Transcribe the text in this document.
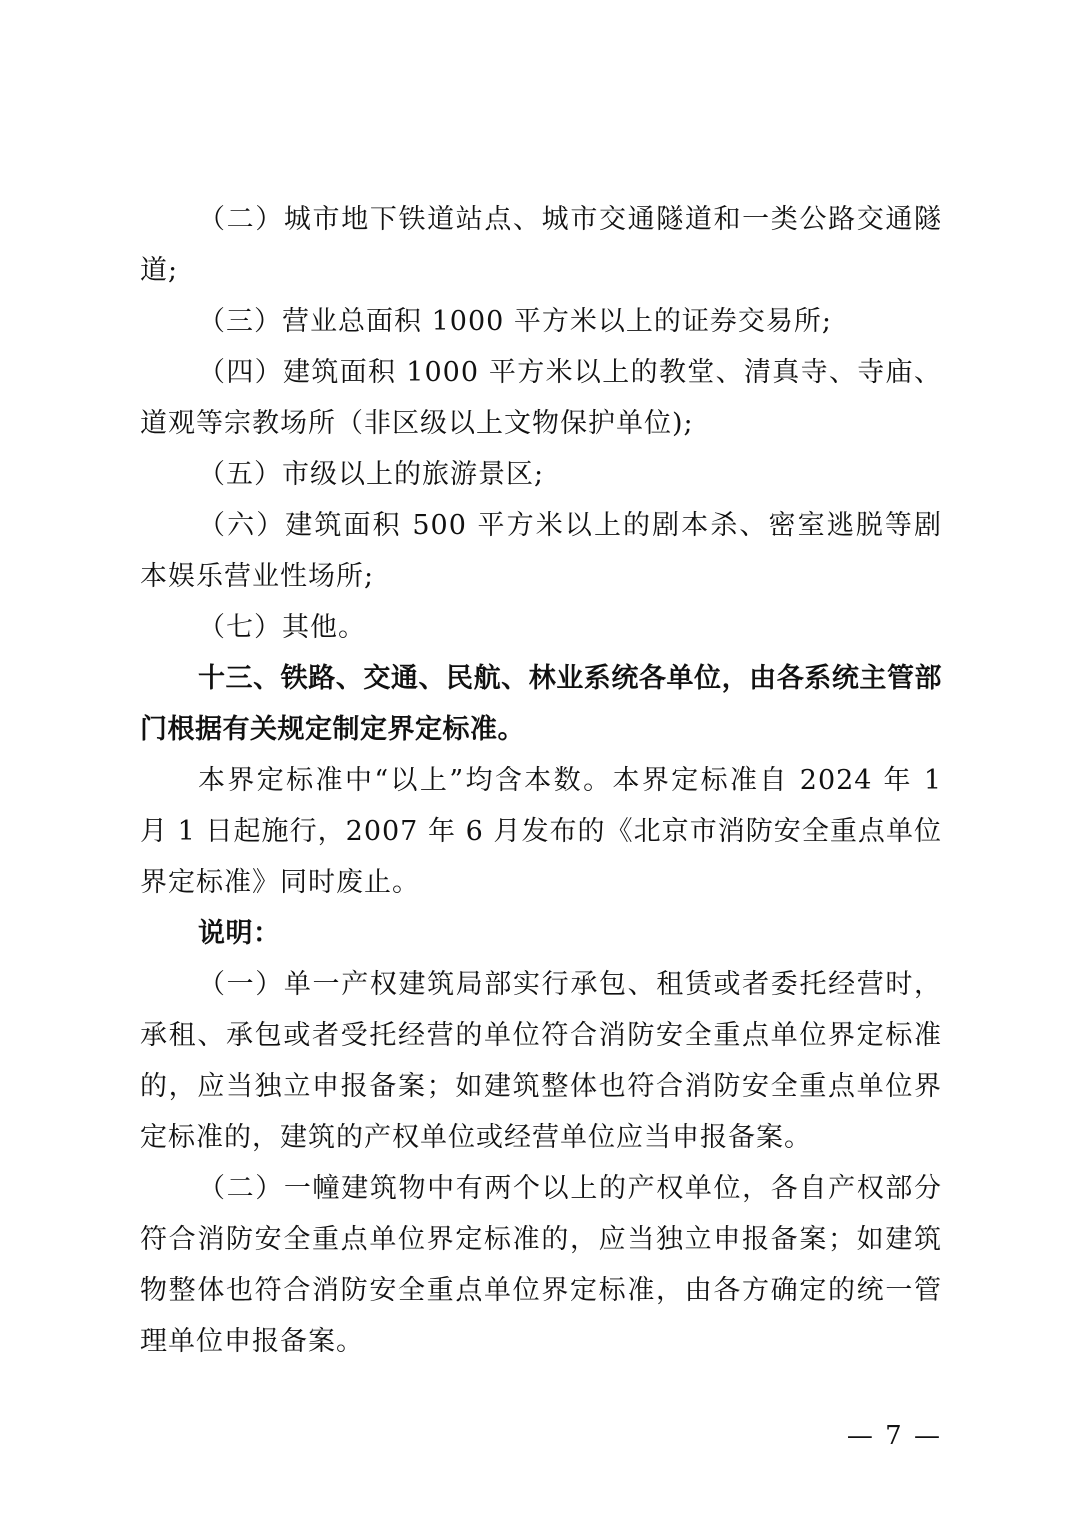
（二）城市地下铁道站点、城市交通隧道和一类公路交通隧道;

（三）营业总面积 1000 平方米以上的证券交易所;

（四）建筑面积 1000 平方米以上的教堂、清真寺、寺庙、道观等宗教场所（非区级以上文物保护单位);

（五）市级以上的旅游景区;

（六）建筑面积 500 平方米以上的剧本杀、密室逃脱等剧本娱乐营业性场所;

（七）其他。

十三、铁路、交通、民航、林业系统各单位，由各系统主管部门根据有关规定制定界定标准。

本界定标准中“以上”均含本数。本界定标准自 2024 年 1 月 1 日起施行，2007 年 6 月发布的《北京市消防安全重点单位界定标准》同时废止。

说明：

（一）单一产权建筑局部实行承包、租赁或者委托经营时，承租、承包或者受托经营的单位符合消防安全重点单位界定标准的，应当独立申报备案；如建筑整体也符合消防安全重点单位界定标准的，建筑的产权单位或经营单位应当申报备案。

（二）一幢建筑物中有两个以上的产权单位，各自产权部分符合消防安全重点单位界定标准的，应当独立申报备案；如建筑物整体也符合消防安全重点单位界定标准，由各方确定的统一管理单位申报备案。

— 7 —
